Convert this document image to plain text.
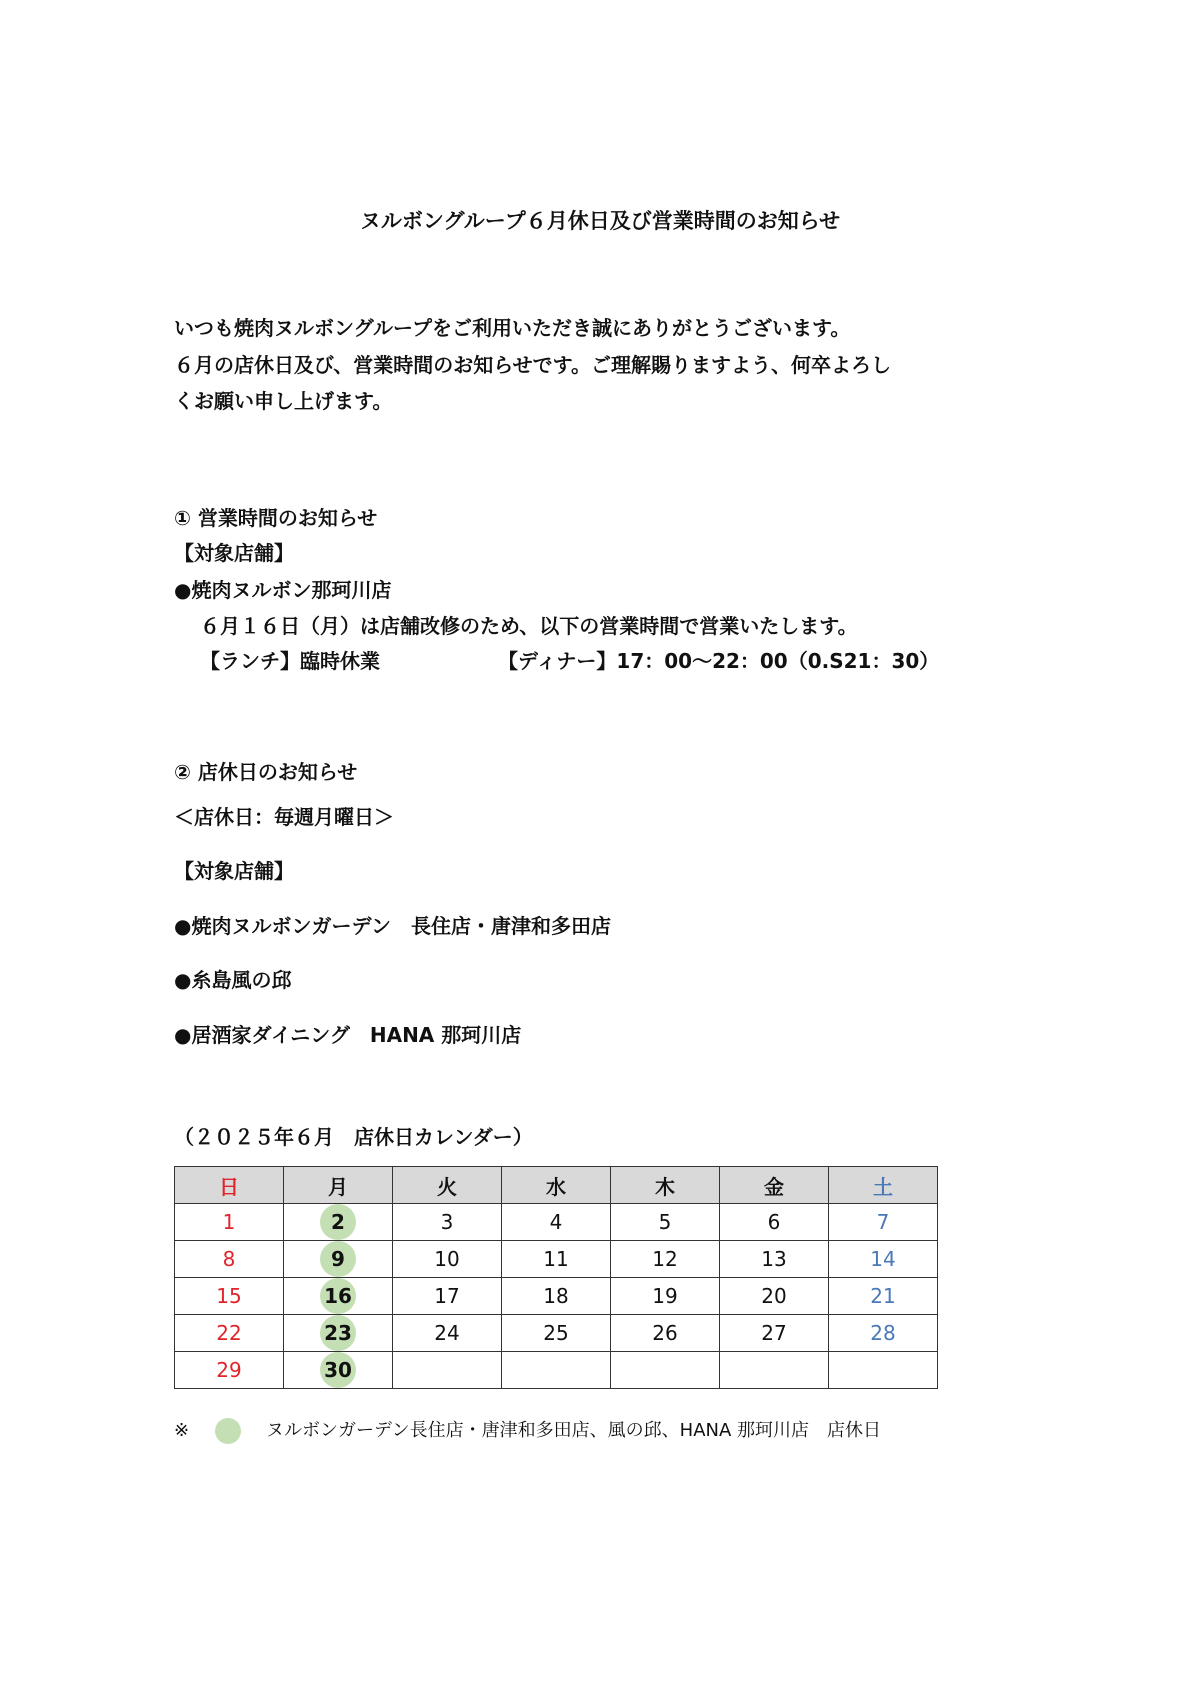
ヌルボングループ６月休日及び営業時間のお知らせ
いつも焼肉ヌルボングループをご利用いただき誠にありがとうございます。
６月の店休日及び、営業時間のお知らせです。ご理解賜りますよう、何卒よろし
くお願い申し上げます。
① 営業時間のお知らせ
【対象店舗】
●焼肉ヌルボン那珂川店
６月１６日（月）は店舗改修のため、以下の営業時間で営業いたします。
【ランチ】臨時休業	【ディナー】17：00～22：00（0.S21：30）
② 店休日のお知らせ
＜店休日：毎週月曜日＞
【対象店舗】
●焼肉ヌルボンガーデン　長住店・唐津和多田店
●糸島風の邱
●居酒家ダイニング　HANA 那珂川店
（２０２５年６月　店休日カレンダー）
日	月	火	水	木	金	土
1	2	3	4	5	6	7
8	9	10	11	12	13	14
15	16	17	18	19	20	21
22	23	24	25	26	27	28
29	30					
※	ヌルボンガーデン長住店・唐津和多田店、風の邱、HANA 那珂川店　店休日
